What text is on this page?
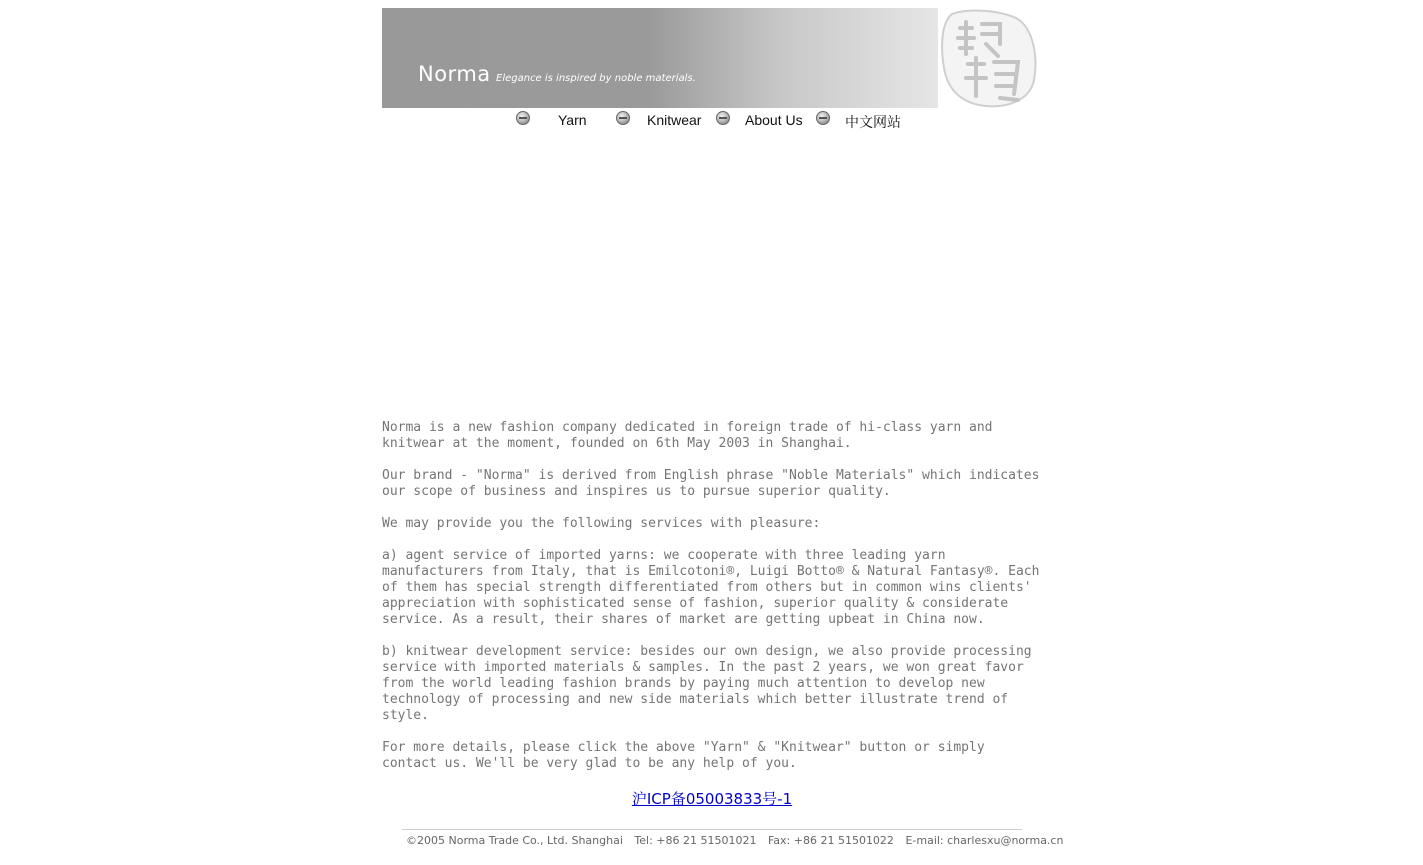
Norma Elegance is inspired by noble materials.
Yarn	Knitwear	About Us	中文网站

Norma is a new fashion company dedicated in foreign trade of hi-class yarn and knitwear at the moment, founded on 6th May 2003 in Shanghai.

Our brand - "Norma" is derived from English phrase "Noble Materials" which indicates our scope of business and inspires us to pursue superior quality.

We may provide you the following services with pleasure:

a) agent service of imported yarns: we cooperate with three leading yarn manufacturers from Italy, that is Emilcotoni®, Luigi Botto® & Natural Fantasy®. Each of them has special strength differentiated from others but in common wins clients' appreciation with sophisticated sense of fashion, superior quality & considerate service. As a result, their shares of market are getting upbeat in China now.

b) knitwear development service: besides our own design, we also provide processing service with imported materials & samples. In the past 2 years, we won great favor from the world leading fashion brands by paying much attention to develop new technology of processing and new side materials which better illustrate trend of style.

For more details, please click the above "Yarn" & "Knitwear" button or simply contact us. We'll be very glad to be any help of you.

沪ICP备05003833号-1
©2005 Norma Trade Co., Ltd. Shanghai Tel: +86 21 51501021 Fax: +86 21 51501022 E-mail: charlesxu@norma.cn
